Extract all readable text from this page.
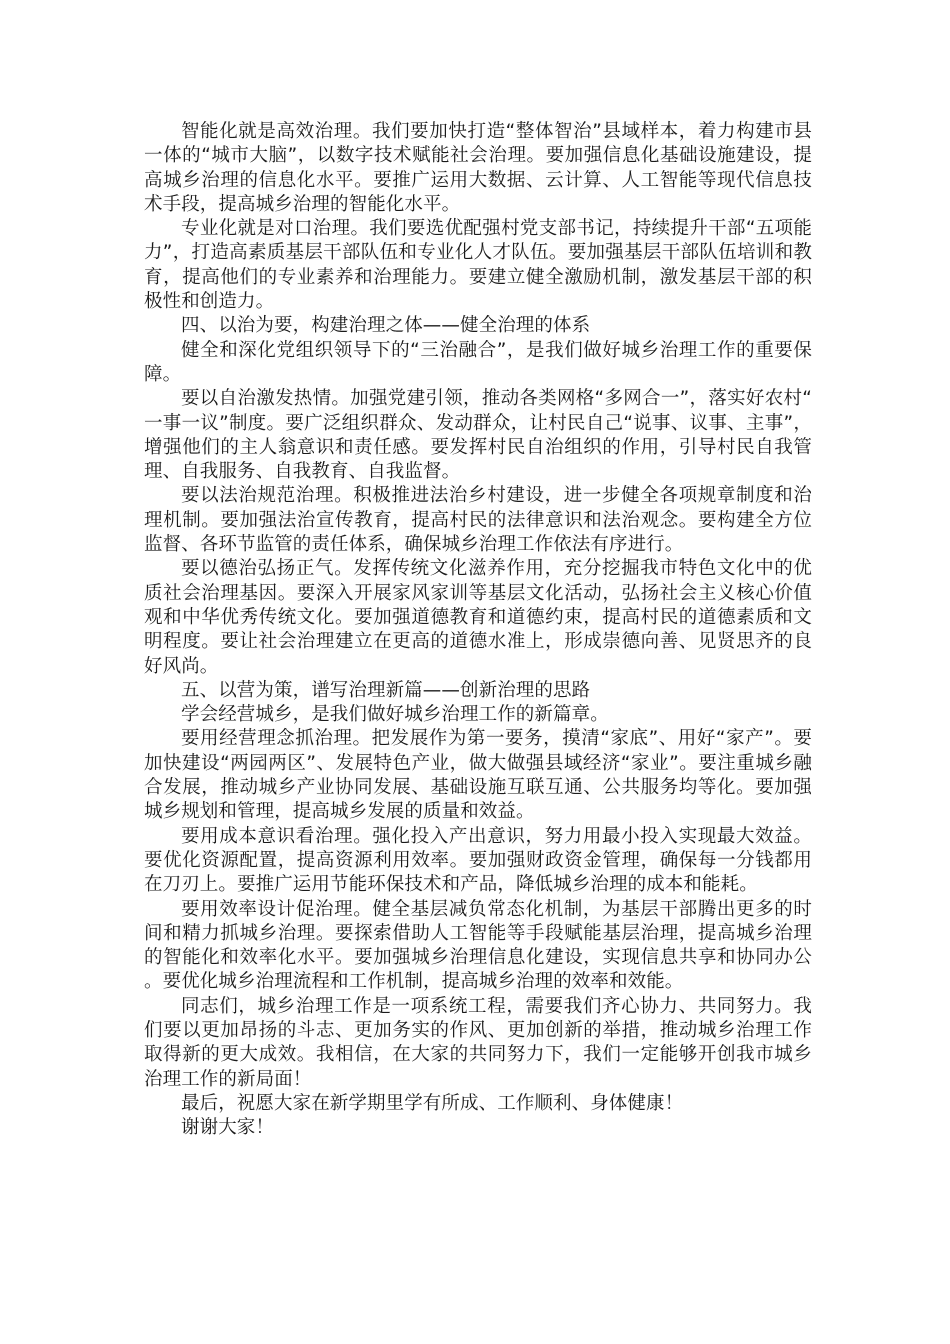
智能化就是高效治理。我们要加快打造“整体智治”县域样本，着力构建市县一体的“城市大脑”，以数字技术赋能社会治理。要加强信息化基础设施建设，提高城乡治理的信息化水平。要推广运用大数据、云计算、人工智能等现代信息技术手段，提高城乡治理的智能化水平。

专业化就是对口治理。我们要选优配强村党支部书记，持续提升干部“五项能力”，打造高素质基层干部队伍和专业化人才队伍。要加强基层干部队伍培训和教育，提高他们的专业素养和治理能力。要建立健全激励机制，激发基层干部的积极性和创造力。

四、以治为要，构建治理之体——健全治理的体系

健全和深化党组织领导下的“三治融合”，是我们做好城乡治理工作的重要保障。

要以自治激发热情。加强党建引领，推动各类网格“多网合一”，落实好农村“一事一议”制度。要广泛组织群众、发动群众，让村民自己“说事、议事、主事”，增强他们的主人翁意识和责任感。要发挥村民自治组织的作用，引导村民自我管理、自我服务、自我教育、自我监督。

要以法治规范治理。积极推进法治乡村建设，进一步健全各项规章制度和治理机制。要加强法治宣传教育，提高村民的法律意识和法治观念。要构建全方位监督、各环节监管的责任体系，确保城乡治理工作依法有序进行。

要以德治弘扬正气。发挥传统文化滋养作用，充分挖掘我市特色文化中的优质社会治理基因。要深入开展家风家训等基层文化活动，弘扬社会主义核心价值观和中华优秀传统文化。要加强道德教育和道德约束，提高村民的道德素质和文明程度。要让社会治理建立在更高的道德水准上，形成崇德向善、见贤思齐的良好风尚。

五、以营为策，谱写治理新篇——创新治理的思路

学会经营城乡，是我们做好城乡治理工作的新篇章。

要用经营理念抓治理。把发展作为第一要务，摸清“家底”、用好“家产”。要加快建设“两园两区”、发展特色产业，做大做强县域经济“家业”。要注重城乡融合发展，推动城乡产业协同发展、基础设施互联互通、公共服务均等化。要加强城乡规划和管理，提高城乡发展的质量和效益。

要用成本意识看治理。强化投入产出意识，努力用最小投入实现最大效益。要优化资源配置，提高资源利用效率。要加强财政资金管理，确保每一分钱都用在刀刃上。要推广运用节能环保技术和产品，降低城乡治理的成本和能耗。

要用效率设计促治理。健全基层减负常态化机制，为基层干部腾出更多的时间和精力抓城乡治理。要探索借助人工智能等手段赋能基层治理，提高城乡治理的智能化和效率化水平。要加强城乡治理信息化建设，实现信息共享和协同办公。要优化城乡治理流程和工作机制，提高城乡治理的效率和效能。

同志们，城乡治理工作是一项系统工程，需要我们齐心协力、共同努力。我们要以更加昂扬的斗志、更加务实的作风、更加创新的举措，推动城乡治理工作取得新的更大成效。我相信，在大家的共同努力下，我们一定能够开创我市城乡治理工作的新局面！

最后，祝愿大家在新学期里学有所成、工作顺利、身体健康！

谢谢大家！
